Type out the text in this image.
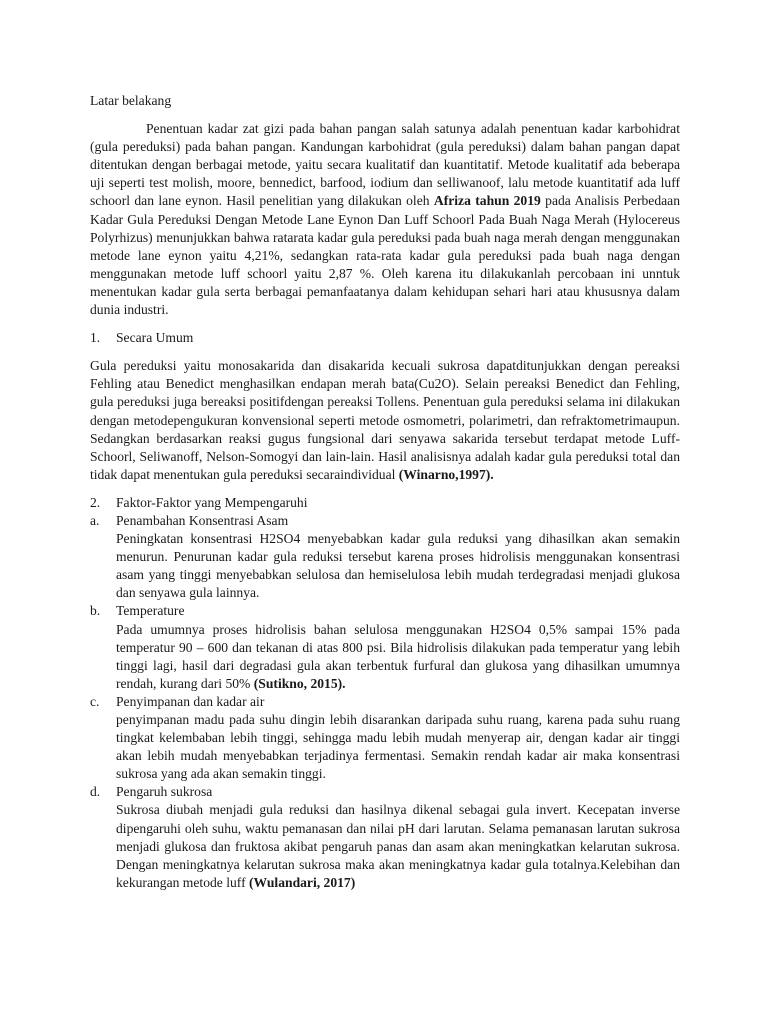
Latar belakang

Penentuan kadar zat gizi pada bahan pangan salah satunya adalah penentuan kadar karbohidrat (gula pereduksi) pada bahan pangan. Kandungan karbohidrat (gula pereduksi) dalam bahan pangan dapat ditentukan dengan berbagai metode, yaitu secara kualitatif dan kuantitatif. Metode kualitatif ada beberapa uji seperti test molish, moore, bennedict, barfood, iodium dan selliwanoof, lalu metode kuantitatif ada luff schoorl dan lane eynon. Hasil penelitian yang dilakukan oleh Afriza tahun 2019 pada Analisis Perbedaan Kadar Gula Pereduksi Dengan Metode Lane Eynon Dan Luff Schoorl Pada Buah Naga Merah (Hylocereus Polyrhizus) menunjukkan bahwa ratarata kadar gula pereduksi pada buah naga merah dengan menggunakan metode lane eynon yaitu 4,21%, sedangkan rata-rata kadar gula pereduksi pada buah naga dengan menggunakan metode luff schoorl yaitu 2,87 %. Oleh karena itu dilakukanlah percobaan ini unntuk menentukan kadar gula serta berbagai pemanfaatanya dalam kehidupan sehari hari atau khususnya dalam dunia industri.

1.	Secara Umum

Gula pereduksi yaitu monosakarida dan disakarida kecuali sukrosa dapatditunjukkan dengan pereaksi Fehling atau Benedict menghasilkan endapan merah bata(Cu2O). Selain pereaksi Benedict dan Fehling, gula pereduksi juga bereaksi positifdengan pereaksi Tollens. Penentuan gula pereduksi selama ini dilakukan dengan metodepengukuran konvensional seperti metode osmometri, polarimetri, dan refraktometrimaupun. Sedangkan berdasarkan reaksi gugus fungsional dari senyawa sakarida tersebut terdapat metode Luff-Schoorl, Seliwanoff, Nelson-Somogyi dan lain-lain. Hasil analisisnya adalah kadar gula pereduksi total dan tidak dapat menentukan gula pereduksi secaraindividual (Winarno,1997).

2.	Faktor-Faktor yang Mempengaruhi
a.	Penambahan Konsentrasi Asam

Peningkatan konsentrasi H2SO4 menyebabkan kadar gula reduksi yang dihasilkan akan semakin menurun. Penurunan kadar gula reduksi tersebut karena proses hidrolisis menggunakan konsentrasi asam yang tinggi menyebabkan selulosa dan hemiselulosa lebih mudah terdegradasi menjadi glukosa dan senyawa gula lainnya.

b.	Temperature

Pada umumnya proses hidrolisis bahan selulosa menggunakan H2SO4 0,5% sampai 15% pada temperatur 90 – 600 dan tekanan di atas 800 psi. Bila hidrolisis dilakukan pada temperatur yang lebih tinggi lagi, hasil dari degradasi gula akan terbentuk furfural dan glukosa yang dihasilkan umumnya rendah, kurang dari 50% (Sutikno, 2015).

c.	Penyimpanan dan kadar air

penyimpanan madu pada suhu dingin lebih disarankan daripada suhu ruang, karena pada suhu ruang tingkat kelembaban lebih tinggi, sehingga madu lebih mudah menyerap air, dengan kadar air tinggi akan lebih mudah menyebabkan terjadinya fermentasi. Semakin rendah kadar air maka konsentrasi sukrosa yang ada akan semakin tinggi.

d.	Pengaruh sukrosa

Sukrosa diubah menjadi gula reduksi dan hasilnya dikenal sebagai gula invert. Kecepatan inverse dipengaruhi oleh suhu, waktu pemanasan dan nilai pH dari larutan. Selama pemanasan larutan sukrosa menjadi glukosa dan fruktosa akibat pengaruh panas dan asam akan meningkatkan kelarutan sukrosa. Dengan meningkatnya kelarutan sukrosa maka akan meningkatnya kadar gula totalnya.Kelebihan dan kekurangan metode luff (Wulandari, 2017)
